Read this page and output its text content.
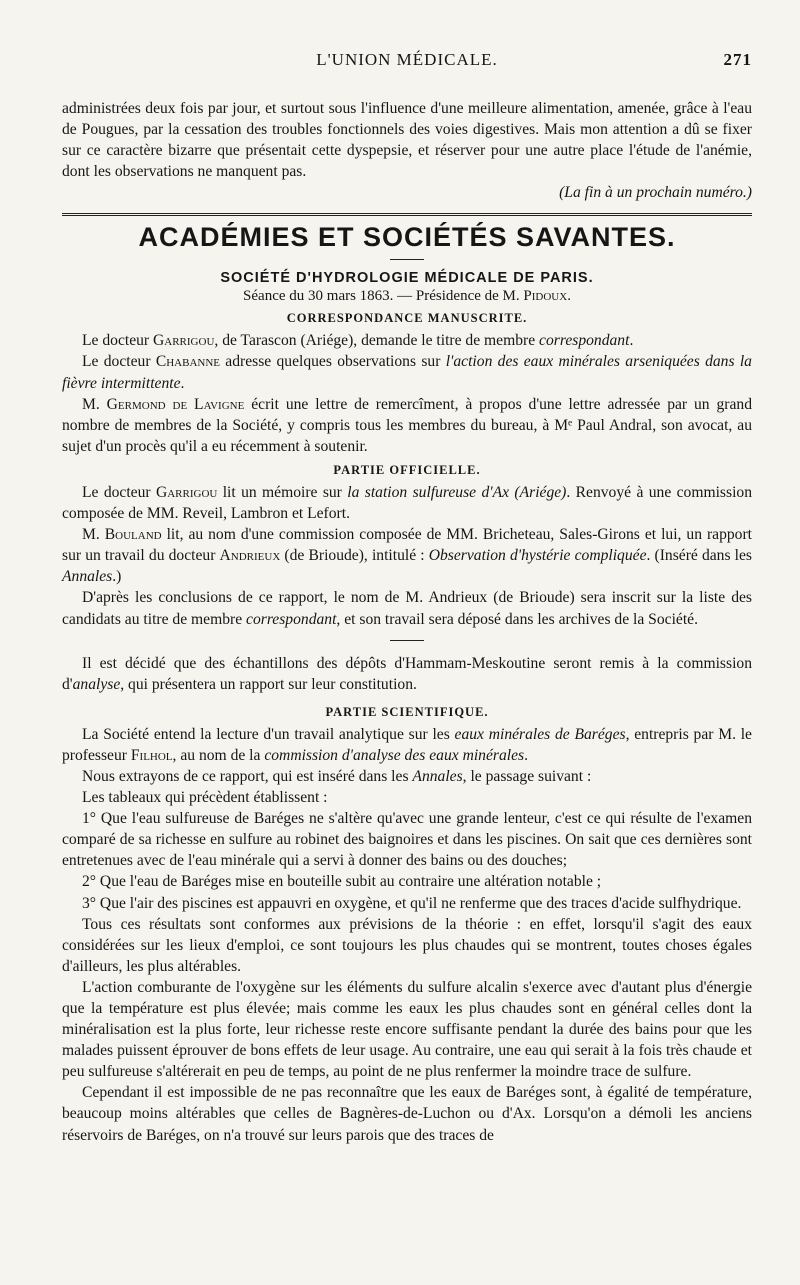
L'UNION MÉDICALE.	271

administrées deux fois par jour, et surtout sous l'influence d'une meilleure alimentation, amenée, grâce à l'eau de Pougues, par la cessation des troubles fonctionnels des voies digestives. Mais mon attention a dû se fixer sur ce caractère bizarre que présentait cette dyspepsie, et réserver pour une autre place l'étude de l'anémie, dont les observations ne manquent pas.

(La fin à un prochain numéro.)
ACADÉMIES ET SOCIÉTÉS SAVANTES.
SOCIÉTÉ D'HYDROLOGIE MÉDICALE DE PARIS.
Séance du 30 mars 1863. — Présidence de M. Pidoux.
CORRESPONDANCE MANUSCRITE.

Le docteur Garrigou, de Tarascon (Ariége), demande le titre de membre correspondant.

Le docteur Chabanne adresse quelques observations sur l'action des eaux minérales arseniquées dans la fièvre intermittente.

M. Germond de Lavigne écrit une lettre de remercîment, à propos d'une lettre adressée par un grand nombre de membres de la Société, y compris tous les membres du bureau, à Mᵉ Paul Andral, son avocat, au sujet d'un procès qu'il a eu récemment à soutenir.

PARTIE OFFICIELLE.

Le docteur Garrigou lit un mémoire sur la station sulfureuse d'Ax (Ariége). Renvoyé à une commission composée de MM. Reveil, Lambron et Lefort.

M. Bouland lit, au nom d'une commission composée de MM. Bricheteau, Sales-Girons et lui, un rapport sur un travail du docteur Andrieux (de Brioude), intitulé : Observation d'hystérie compliquée. (Inséré dans les Annales.)

D'après les conclusions de ce rapport, le nom de M. Andrieux (de Brioude) sera inscrit sur la liste des candidats au titre de membre correspondant, et son travail sera déposé dans les archives de la Société.

Il est décidé que des échantillons des dépôts d'Hammam-Meskoutine seront remis à la commission d'analyse, qui présentera un rapport sur leur constitution.

PARTIE SCIENTIFIQUE.

La Société entend la lecture d'un travail analytique sur les eaux minérales de Baréges, entrepris par M. le professeur Filhol, au nom de la commission d'analyse des eaux minérales.

Nous extrayons de ce rapport, qui est inséré dans les Annales, le passage suivant :

Les tableaux qui précèdent établissent :

1° Que l'eau sulfureuse de Baréges ne s'altère qu'avec une grande lenteur, c'est ce qui résulte de l'examen comparé de sa richesse en sulfure au robinet des baignoires et dans les piscines. On sait que ces dernières sont entretenues avec de l'eau minérale qui a servi à donner des bains ou des douches;

2° Que l'eau de Baréges mise en bouteille subit au contraire une altération notable ;

3° Que l'air des piscines est appauvri en oxygène, et qu'il ne renferme que des traces d'acide sulfhydrique.

Tous ces résultats sont conformes aux prévisions de la théorie : en effet, lorsqu'il s'agit des eaux considérées sur les lieux d'emploi, ce sont toujours les plus chaudes qui se montrent, toutes choses égales d'ailleurs, les plus altérables.

L'action comburante de l'oxygène sur les éléments du sulfure alcalin s'exerce avec d'autant plus d'énergie que la température est plus élevée; mais comme les eaux les plus chaudes sont en général celles dont la minéralisation est la plus forte, leur richesse reste encore suffisante pendant la durée des bains pour que les malades puissent éprouver de bons effets de leur usage. Au contraire, une eau qui serait à la fois très chaude et peu sulfureuse s'altérerait en peu de temps, au point de ne plus renfermer la moindre trace de sulfure.

Cependant il est impossible de ne pas reconnaître que les eaux de Baréges sont, à égalité de température, beaucoup moins altérables que celles de Bagnères-de-Luchon ou d'Ax. Lorsqu'on a démoli les anciens réservoirs de Baréges, on n'a trouvé sur leurs parois que des traces de
